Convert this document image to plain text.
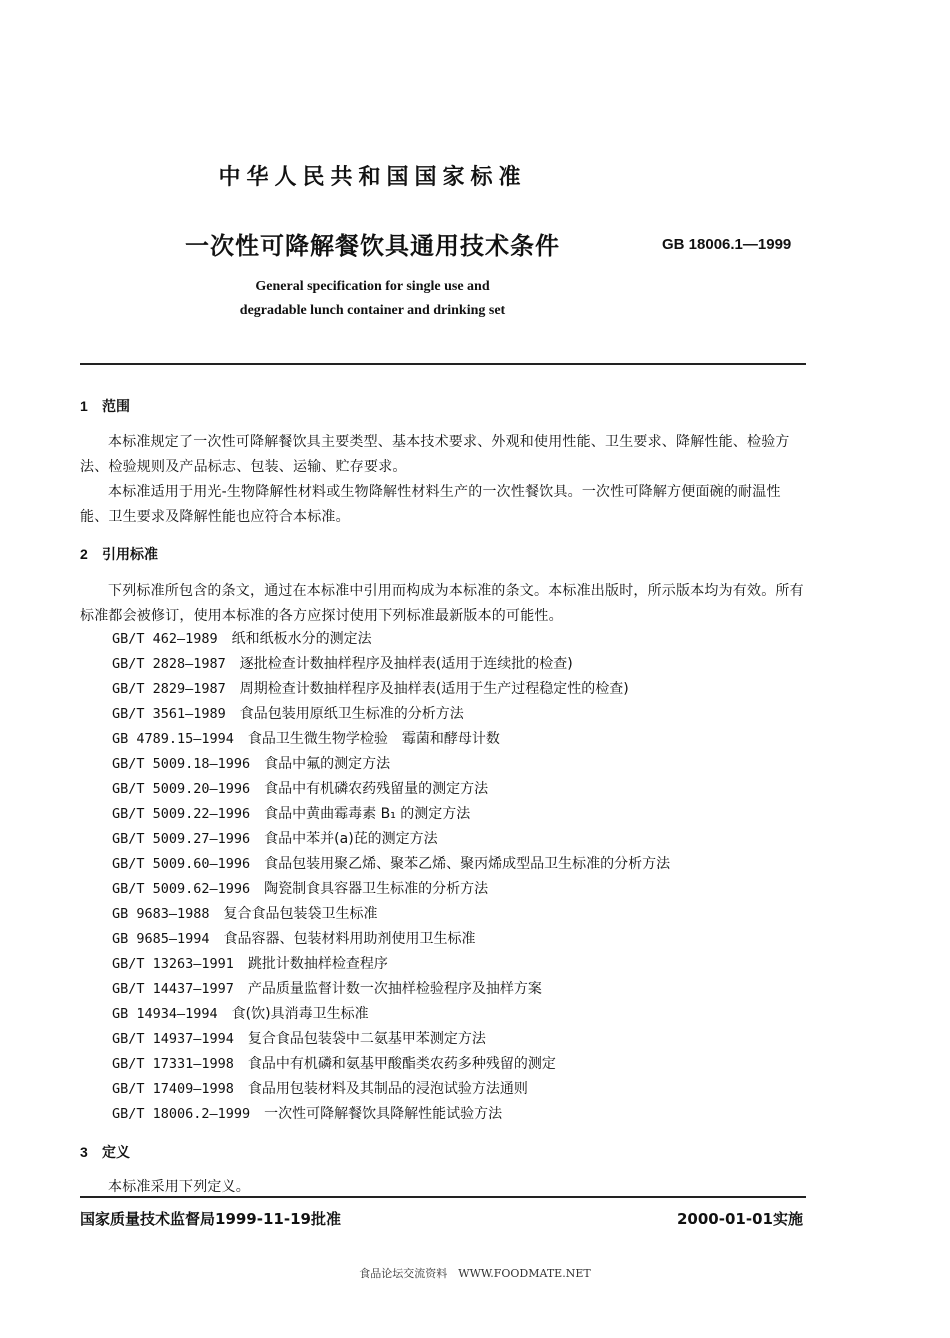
中华人民共和国国家标准
一次性可降解餐饮具通用技术条件	GB 18006.1—1999
General specification for single use and
degradable lunch container and drinking set
1 范围
本标准规定了一次性可降解餐饮具主要类型、基本技术要求、外观和使用性能、卫生要求、降解性能、检验方法、检验规则及产品标志、包装、运输、贮存要求。
本标准适用于用光-生物降解性材料或生物降解性材料生产的一次性餐饮具。一次性可降解方便面碗的耐温性能、卫生要求及降解性能也应符合本标准。
2 引用标准
下列标准所包含的条文，通过在本标准中引用而构成为本标准的条文。本标准出版时，所示版本均为有效。所有标准都会被修订，使用本标准的各方应探讨使用下列标准最新版本的可能性。
GB/T 462—1989 纸和纸板水分的测定法
GB/T 2828—1987 逐批检查计数抽样程序及抽样表(适用于连续批的检查)
GB/T 2829—1987 周期检查计数抽样程序及抽样表(适用于生产过程稳定性的检查)
GB/T 3561—1989 食品包装用原纸卫生标准的分析方法
GB 4789.15—1994 食品卫生微生物学检验　霉菌和酵母计数
GB/T 5009.18—1996 食品中氟的测定方法
GB/T 5009.20—1996 食品中有机磷农药残留量的测定方法
GB/T 5009.22—1996 食品中黄曲霉毒素 B₁ 的测定方法
GB/T 5009.27—1996 食品中苯并(a)芘的测定方法
GB/T 5009.60—1996 食品包装用聚乙烯、聚苯乙烯、聚丙烯成型品卫生标准的分析方法
GB/T 5009.62—1996 陶瓷制食具容器卫生标准的分析方法
GB 9683—1988 复合食品包装袋卫生标准
GB 9685—1994 食品容器、包装材料用助剂使用卫生标准
GB/T 13263—1991 跳批计数抽样检查程序
GB/T 14437—1997 产品质量监督计数一次抽样检验程序及抽样方案
GB 14934—1994 食(饮)具消毒卫生标准
GB/T 14937—1994 复合食品包装袋中二氨基甲苯测定方法
GB/T 17331—1998 食品中有机磷和氨基甲酸酯类农药多种残留的测定
GB/T 17409—1998 食品用包装材料及其制品的浸泡试验方法通则
GB/T 18006.2—1999 一次性可降解餐饮具降解性能试验方法
3 定义
本标准采用下列定义。
国家质量技术监督局1999-11-19批准	2000-01-01实施
食品论坛交流资料　WWW.FOODMATE.NET
